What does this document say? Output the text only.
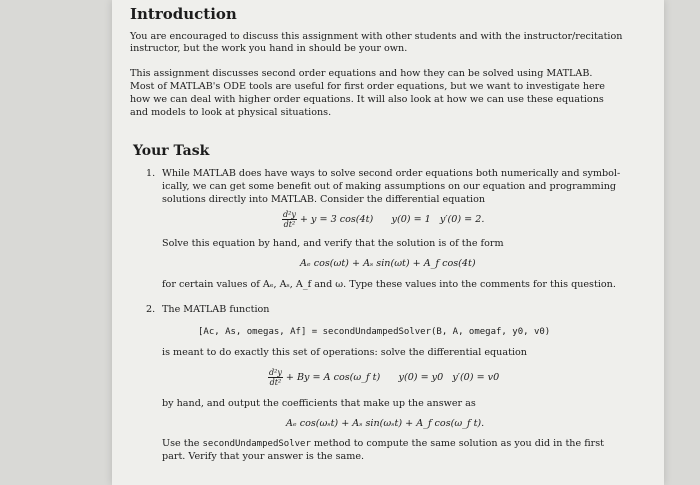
Introduction

You are encouraged to discuss this assignment with other students and with the instructor/recitation

instructor, but the work you hand in should be your own.

This assignment discusses second order equations and how they can be solved using MATLAB.

Most of MATLAB's ODE tools are useful for first order equations, but we want to investigate here

how we can deal with higher order equations. It will also look at how we can use these equations

and models to look at physical situations.

Your Task

1. While MATLAB does have ways to solve second order equations both numerically and symbol-

ically, we can get some benefit out of making assumptions on our equation and programming

solutions directly into MATLAB. Consider the differential equation

$\frac{\text{d²y}}{\text{dt²}} + y = 3$ cos(4t)      y(0) = 1   y′(0) = 2.

Solve this equation by hand, and verify that the solution is of the form

Aₑ cos(ωt) + Aₛ sin(ωt) + A_f cos(4t)

for certain values of Aₑ, Aₛ, A_f and ω. Type these values into the comments for this question.

2. The MATLAB function

[Ac, As, omegas, Af] = secondUndampedSolver(B, A, omegaf, y0, v0)

is meant to do exactly this set of operations: solve the differential equation

$\frac{\text{d²y}}{\text{dt²}} + By = A$ cos(ω_f t)      y(0) = y0   y′(0) = v0

by hand, and output the coefficients that make up the answer as

Aₑ cos(ωₛt) + Aₛ sin(ωₛt) + A_f cos(ω_f t).

Use the secondUndampedSolver method to compute the same solution as you did in the first

part. Verify that your answer is the same.
